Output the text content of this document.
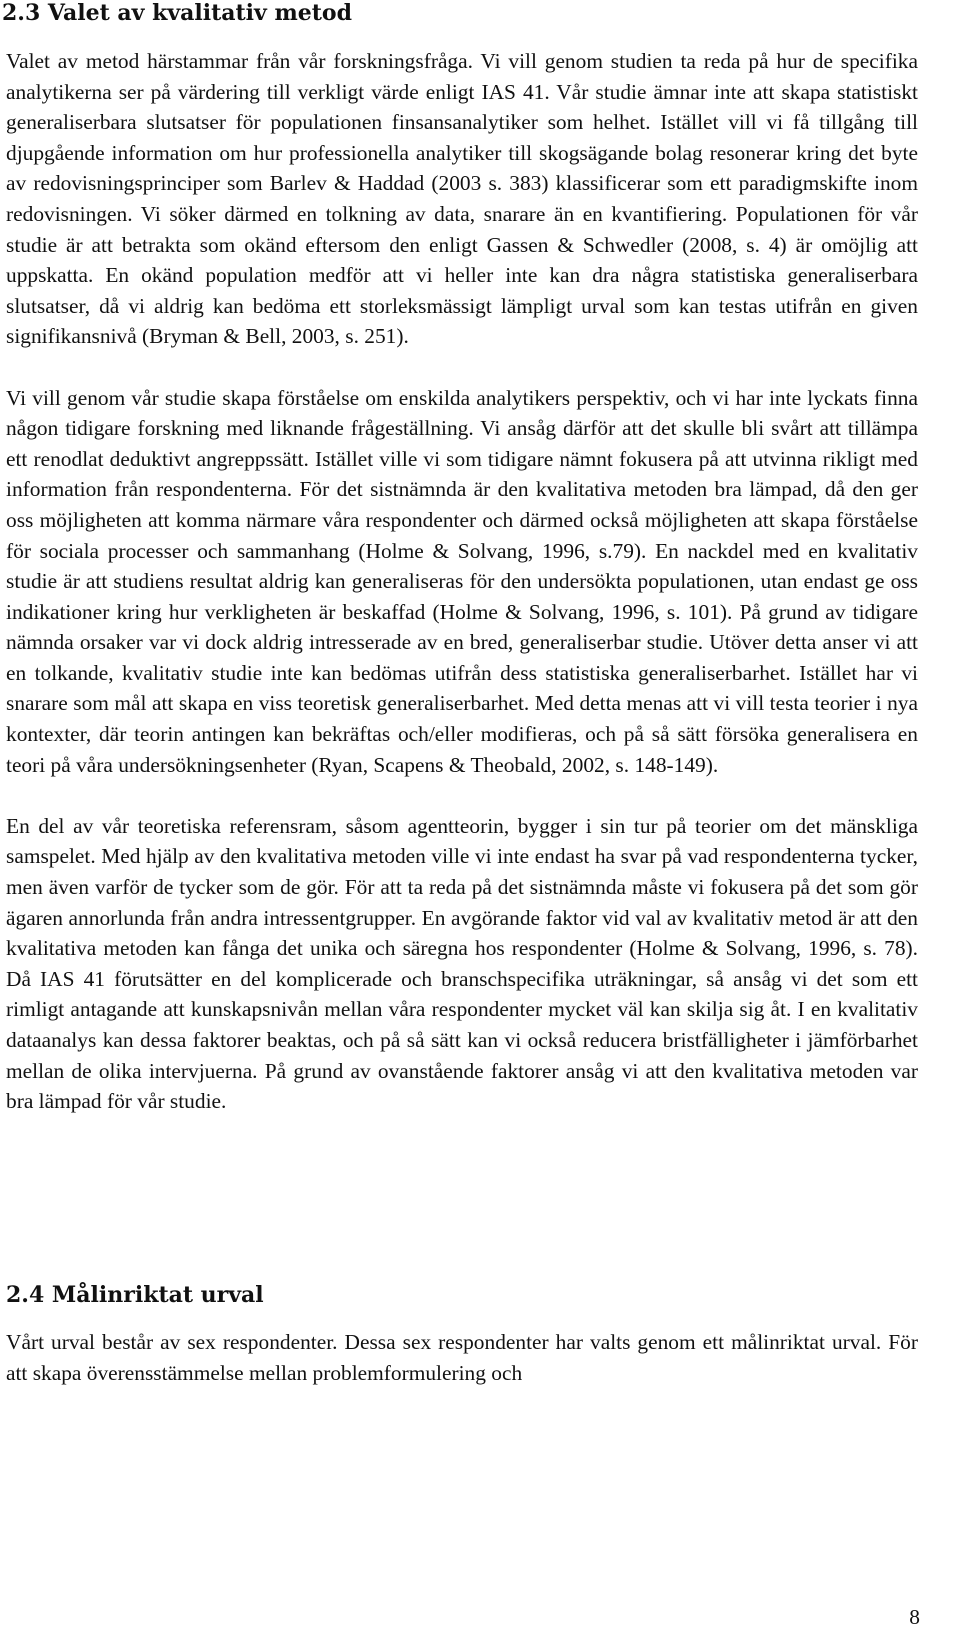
2.3 Valet av kvalitativ metod

Valet av metod härstammar från vår forskningsfråga. Vi vill genom studien ta reda på hur de specifika analytikerna ser på värdering till verkligt värde enligt IAS 41. Vår studie ämnar inte att skapa statistiskt generaliserbara slutsatser för populationen finsansanalytiker som helhet. Istället vill vi få tillgång till djupgående information om hur professionella analytiker till skogsägande bolag resonerar kring det byte av redovisningsprinciper som Barlev & Haddad (2003 s. 383) klassificerar som ett paradigmskifte inom redovisningen. Vi söker därmed en tolkning av data, snarare än en kvantifiering. Populationen för vår studie är att betrakta som okänd eftersom den enligt Gassen & Schwedler (2008, s. 4) är omöjlig att uppskatta. En okänd population medför att vi heller inte kan dra några statistiska generaliserbara slutsatser, då vi aldrig kan bedöma ett storleksmässigt lämpligt urval som kan testas utifrån en given signifikansnivå (Bryman & Bell, 2003, s. 251).

Vi vill genom vår studie skapa förståelse om enskilda analytikers perspektiv, och vi har inte lyckats finna någon tidigare forskning med liknande frågeställning. Vi ansåg därför att det skulle bli svårt att tillämpa ett renodlat deduktivt angreppssätt. Istället ville vi som tidigare nämnt fokusera på att utvinna rikligt med information från respondenterna. För det sistnämnda är den kvalitativa metoden bra lämpad, då den ger oss möjligheten att komma närmare våra respondenter och därmed också möjligheten att skapa förståelse för sociala processer och sammanhang (Holme & Solvang, 1996, s.79). En nackdel med en kvalitativ studie är att studiens resultat aldrig kan generaliseras för den undersökta populationen, utan endast ge oss indikationer kring hur verkligheten är beskaffad (Holme & Solvang, 1996, s. 101). På grund av tidigare nämnda orsaker var vi dock aldrig intresserade av en bred, generaliserbar studie. Utöver detta anser vi att en tolkande, kvalitativ studie inte kan bedömas utifrån dess statistiska generaliserbarhet. Istället har vi snarare som mål att skapa en viss teoretisk generaliserbarhet. Med detta menas att vi vill testa teorier i nya kontexter, där teorin antingen kan bekräftas och/eller modifieras, och på så sätt försöka generalisera en teori på våra undersökningsenheter (Ryan, Scapens & Theobald, 2002, s. 148-149).

En del av vår teoretiska referensram, såsom agentteorin, bygger i sin tur på teorier om det mänskliga samspelet. Med hjälp av den kvalitativa metoden ville vi inte endast ha svar på vad respondenterna tycker, men även varför de tycker som de gör. För att ta reda på det sistnämnda måste vi fokusera på det som gör ägaren annorlunda från andra intressentgrupper. En avgörande faktor vid val av kvalitativ metod är att den kvalitativa metoden kan fånga det unika och säregna hos respondenter (Holme & Solvang, 1996, s. 78). Då IAS 41 förutsätter en del komplicerade och branschspecifika uträkningar, så ansåg vi det som ett rimligt antagande att kunskapsnivån mellan våra respondenter mycket väl kan skilja sig åt. I en kvalitativ dataanalys kan dessa faktorer beaktas, och på så sätt kan vi också reducera bristfälligheter i jämförbarhet mellan de olika intervjuerna. På grund av ovanstående faktorer ansåg vi att den kvalitativa metoden var bra lämpad för vår studie.

2.4 Målinriktat urval

Vårt urval består av sex respondenter. Dessa sex respondenter har valts genom ett målinriktat urval. För att skapa överensstämmelse mellan problemformulering och

8
